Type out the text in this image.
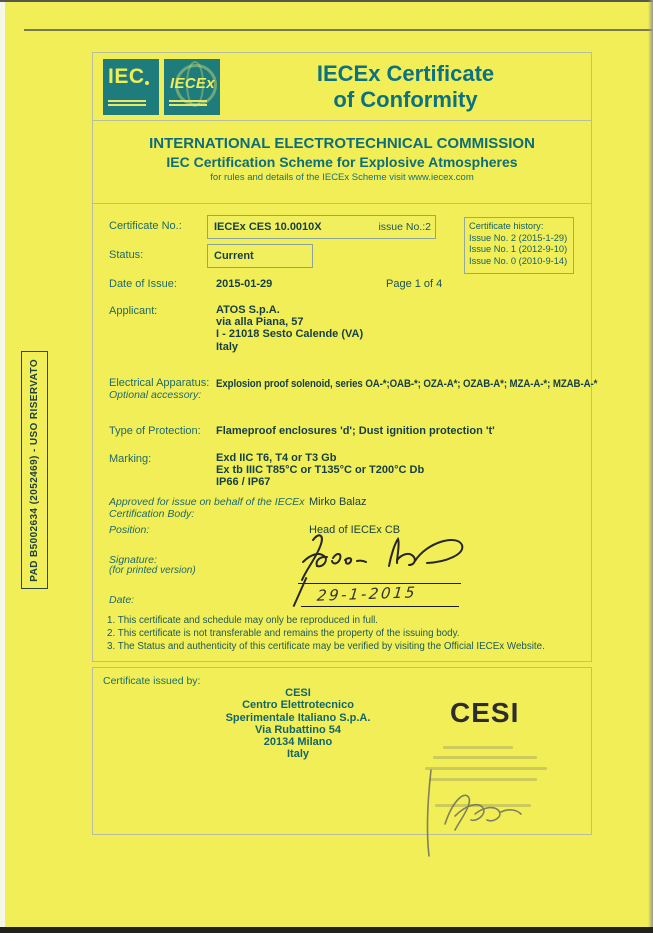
PAD B5002634 (2052469) - USO RISERVATO
IEC IECEx	IECEx Certificate
of Conformity
INTERNATIONAL ELECTROTECHNICAL COMMISSION
IEC Certification Scheme for Explosive Atmospheres
for rules and details of the IECEx Scheme visit www.iecex.com
Certificate No.:	IECEx CES 10.0010X	issue No.:2
Status:	Current
Date of Issue:	2015-01-29	Page 1 of 4
Certificate history:
Issue No. 2 (2015-1-29)
Issue No. 1 (2012-9-10)
Issue No. 0 (2010-9-14)
Applicant:	ATOS S.p.A.
via alla Piana, 57
I - 21018 Sesto Calende (VA)
Italy
Electrical Apparatus:
Optional accessory:
Explosion proof solenoid, series OA-*;OAB-*; OZA-A*; OZAB-A*; MZA-A-*; MZAB-A-*
Type of Protection: Flameproof enclosures 'd'; Dust ignition protection 't'
Marking:	Exd IIC T6, T4 or T3 Gb
Ex tb IIIC T85°C or T135°C or T200°C Db
IP66 / IP67
Approved for issue on behalf of the IECEx
Certification Body:
Mirko Balaz
Position:	Head of IECEx CB
Signature:
(for printed version)
Date:	29-1-2015
1. This certificate and schedule may only be reproduced in full.
2. This certificate is not transferable and remains the property of the issuing body.
3. The Status and authenticity of this certificate may be verified by visiting the Official IECEx Website.
Certificate issued by:
CESI
Centro Elettrotecnico
Sperimentale Italiano S.p.A.
Via Rubattino 54
20134 Milano
Italy
CESI
